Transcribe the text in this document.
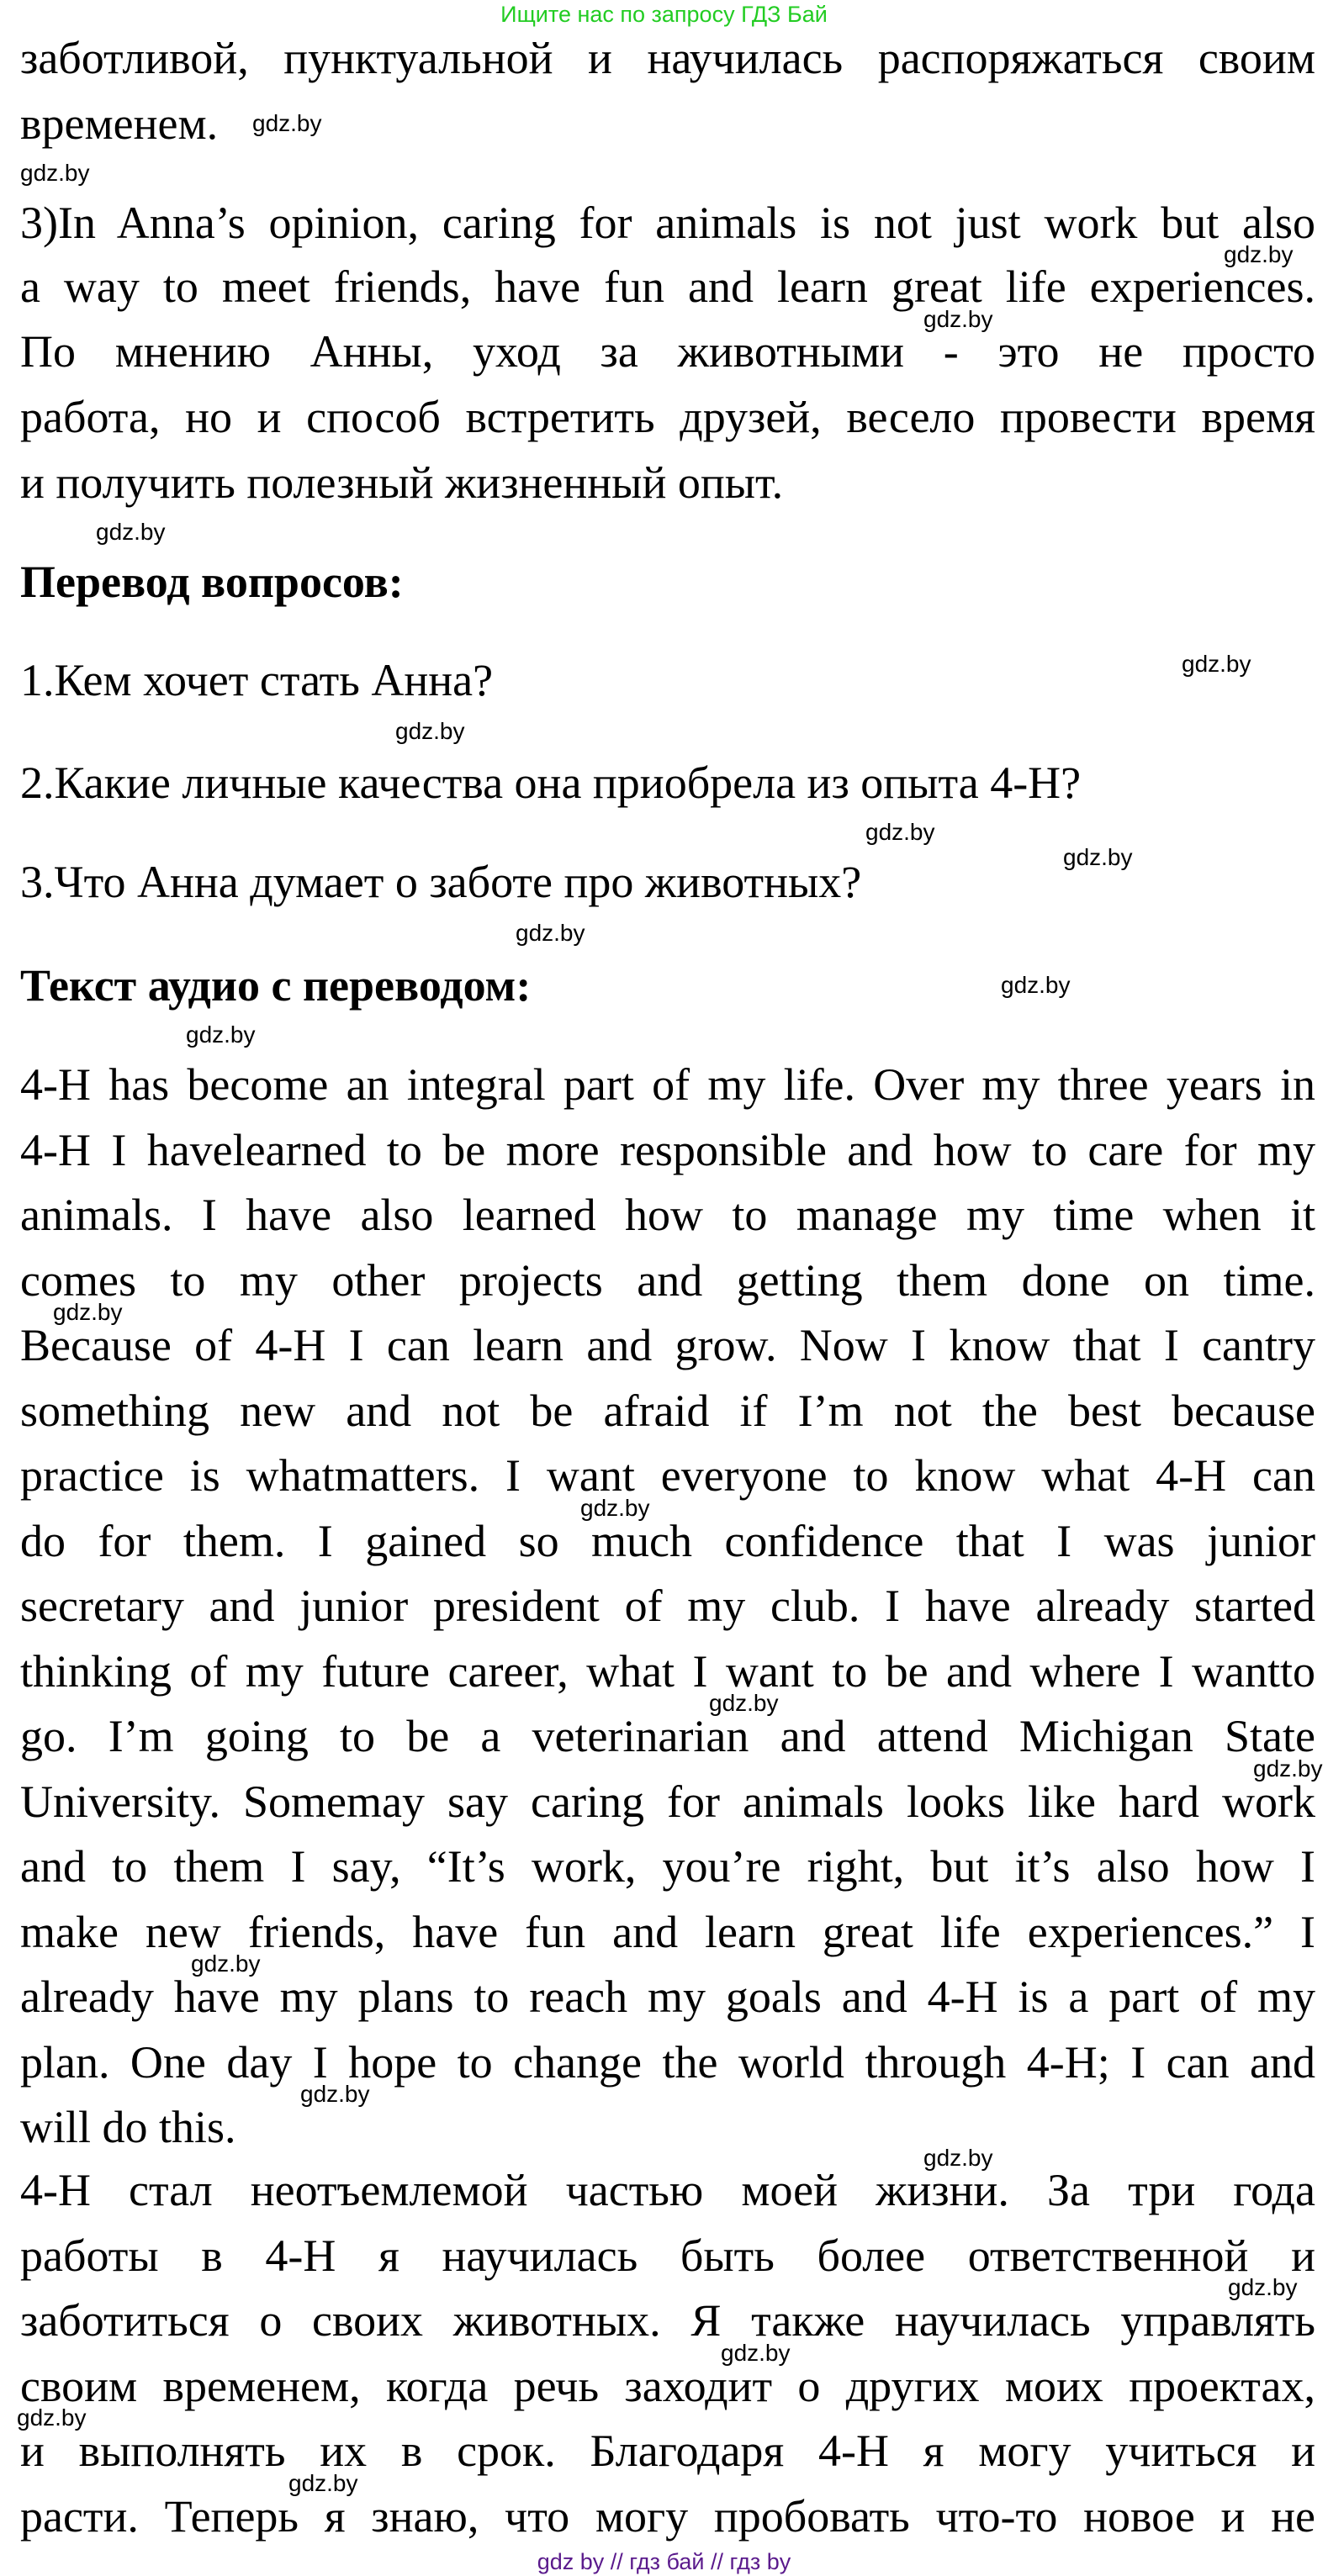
Ищите нас по запросу ГДЗ Бай
заботливой, пунктуальной и научилась распоряжаться своим
временем.
3)In Anna’s opinion, caring for animals is not just work but also
a way to meet friends, have fun and learn great life experiences.
По мнению Анны, уход за животными - это не просто
работа, но и способ встретить друзей, весело провести время
и получить полезный жизненный опыт.
Перевод вопросов:
1.Кем хочет стать Анна?
2.Какие личные качества она приобрела из опыта 4-H?
3.Что Анна думает о заботе про животных?
Текст аудио с переводом:
4-H has become an integral part of my life. Over my three years in
4-H I havelearned to be more responsible and how to care for my
animals. I have also learned how to manage my time when it
comes to my other projects and getting them done on time.
Because of 4-H I can learn and grow. Now I know that I cantry
something new and not be afraid if I’m not the best because
practice is whatmatters. I want everyone to know what 4-H can
do for them. I gained so much confidence that I was junior
secretary and junior president of my club. I have already started
thinking of my future career, what I want to be and where I wantto
go. I’m going to be a veterinarian and attend Michigan State
University. Somemay say caring for animals looks like hard work
and to them I say, “It’s work, you’re right, but it’s also how I
make new friends, have fun and learn great life experiences.” I
already have my plans to reach my goals and 4-H is a part of my
plan. One day I hope to change the world through 4-H; I can and
will do this.
4-H стал неотъемлемой частью моей жизни. За три года
работы в 4-H я научилась быть более ответственной и
заботиться о своих животных. Я также научилась управлять
своим временем, когда речь заходит о других моих проектах,
и выполнять их в срок. Благодаря 4-H я могу учиться и
расти. Теперь я знаю, что могу пробовать что-то новое и не
gdz.by
gdz.by
gdz.by
gdz.by
gdz.by
gdz.by
gdz.by
gdz.by
gdz.by
gdz.by
gdz.by
gdz.by
gdz.by
gdz.by
gdz.by
gdz.by
gdz.by
gdz.by
gdz.by
gdz.by
gdz.by
gdz.by
gdz.by
gdz by // гдз бай // гдз by
